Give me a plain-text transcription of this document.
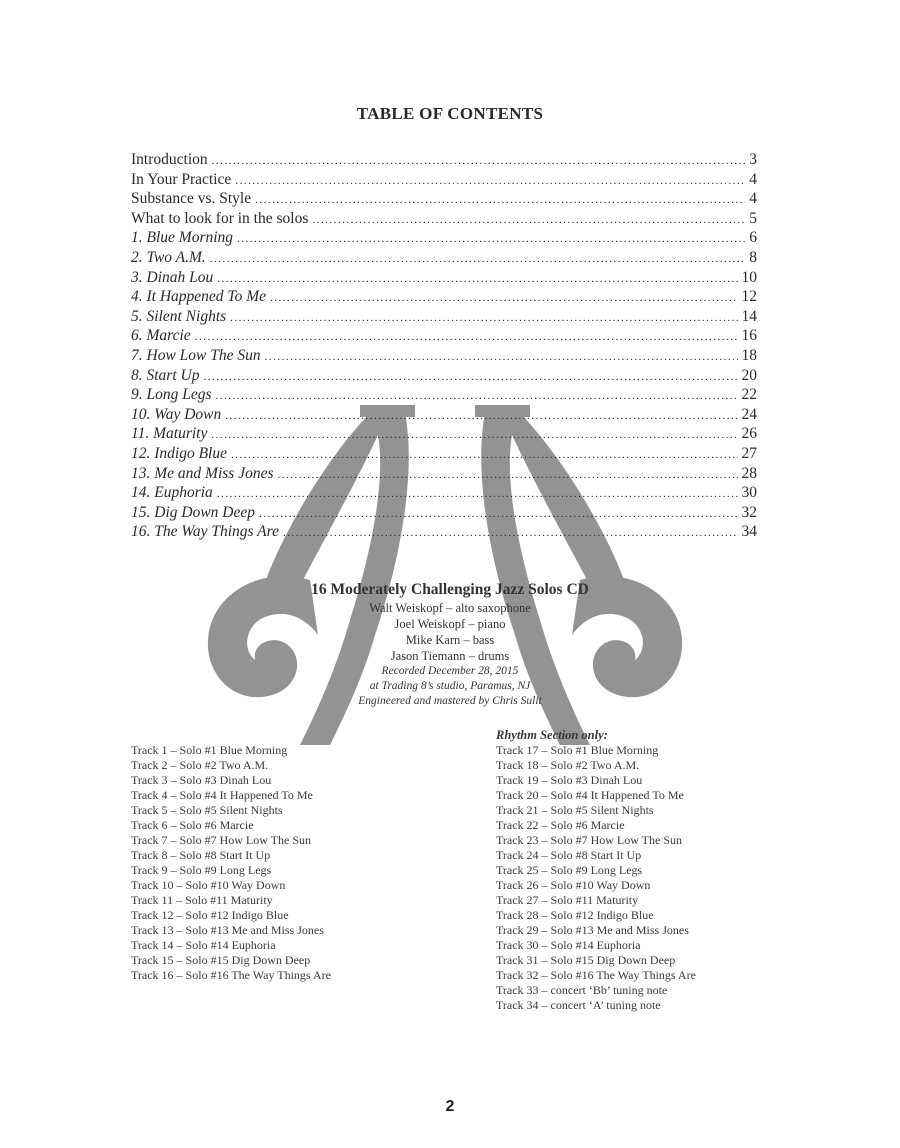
TABLE OF CONTENTS
Introduction .....	3
In Your Practice .....	4
Substance vs. Style .....	4
What to look for in the solos .....	5
1. Blue Morning .....	6
2. Two A.M. .....	8
3. Dinah Lou .....	10
4. It Happened To Me .....	12
5. Silent Nights .....	14
6. Marcie .....	16
7. How Low The Sun .....	18
8. Start Up .....	20
9. Long Legs .....	22
10. Way Down .....	24
11. Maturity .....	26
12. Indigo Blue .....	27
13. Me and Miss Jones .....	28
14. Euphoria .....	30
15. Dig Down Deep .....	32
16. The Way Things Are .....	34
16 Moderately Challenging Jazz Solos CD
Walt Weiskopf – alto saxophone
Joel Weiskopf – piano
Mike Karn – bass
Jason Tiemann – drums
Recorded December 28, 2015
at Trading 8’s studio, Paramus, NJ
Engineered and mastered by Chris Sulit
Track 1 – Solo #1 Blue Morning
Track 2 – Solo #2 Two A.M.
Track 3 – Solo #3 Dinah Lou
Track 4 – Solo #4 It Happened To Me
Track 5 – Solo #5 Silent Nights
Track 6 – Solo #6 Marcie
Track 7 – Solo #7 How Low The Sun
Track 8 – Solo #8 Start It Up
Track 9 – Solo #9 Long Legs
Track 10 – Solo #10 Way Down
Track 11 – Solo #11 Maturity
Track 12 – Solo #12 Indigo Blue
Track 13 – Solo #13 Me and Miss Jones
Track 14 – Solo #14 Euphoria
Track 15 – Solo #15 Dig Down Deep
Track 16 – Solo #16 The Way Things Are
Rhythm Section only:
Track 17 – Solo #1 Blue Morning
Track 18 – Solo #2 Two A.M.
Track 19 – Solo #3 Dinah Lou
Track 20 – Solo #4 It Happened To Me
Track 21 – Solo #5 Silent Nights
Track 22 – Solo #6 Marcie
Track 23 – Solo #7 How Low The Sun
Track 24 – Solo #8 Start It Up
Track 25 – Solo #9 Long Legs
Track 26 – Solo #10 Way Down
Track 27 – Solo #11 Maturity
Track 28 – Solo #12 Indigo Blue
Track 29 – Solo #13 Me and Miss Jones
Track 30 – Solo #14 Euphoria
Track 31 – Solo #15 Dig Down Deep
Track 32 – Solo #16 The Way Things Are
Track 33 – concert ‘Bb’ tuning note
Track 34 – concert ‘A’ tuning note
2
